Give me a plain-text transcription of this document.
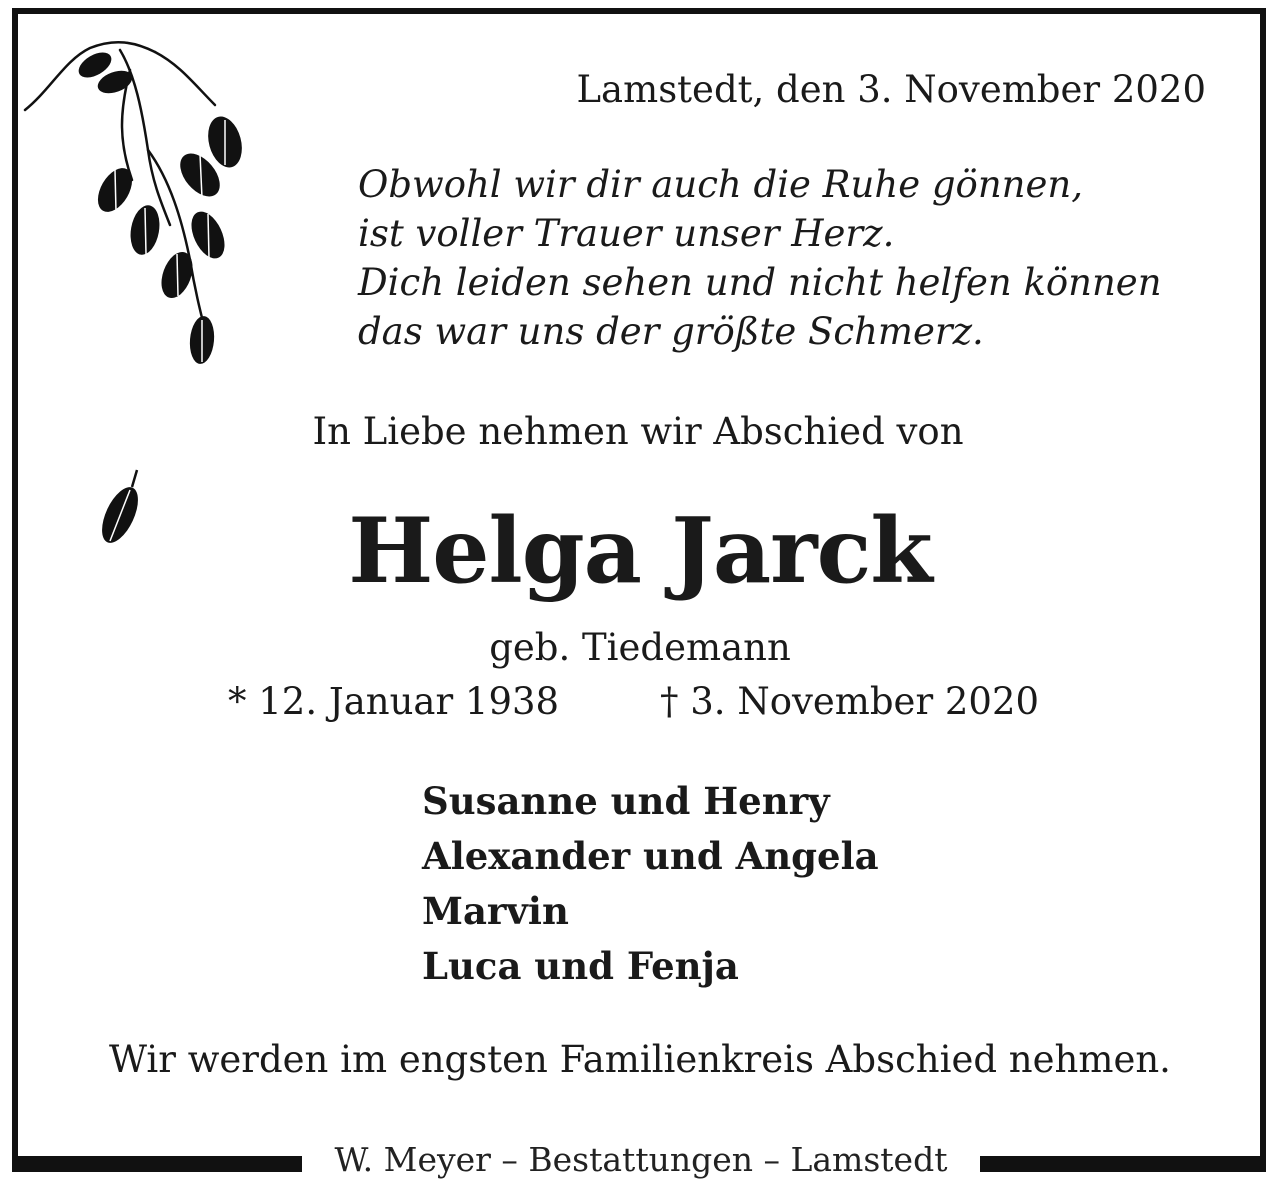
Lamstedt, den 3. November 2020
Obwohl wir dir auch die Ruhe gönnen,
ist voller Trauer unser Herz.
Dich leiden sehen und nicht helfen können
das war uns der größte Schmerz.
In Liebe nehmen wir Abschied von
Helga Jarck
geb. Tiedemann
* 12. Januar 1938	† 3. November 2020
Susanne und Henry
Alexander und Angela
Marvin
Luca und Fenja
Wir werden im engsten Familienkreis Abschied nehmen.
W. Meyer – Bestattungen – Lamstedt
